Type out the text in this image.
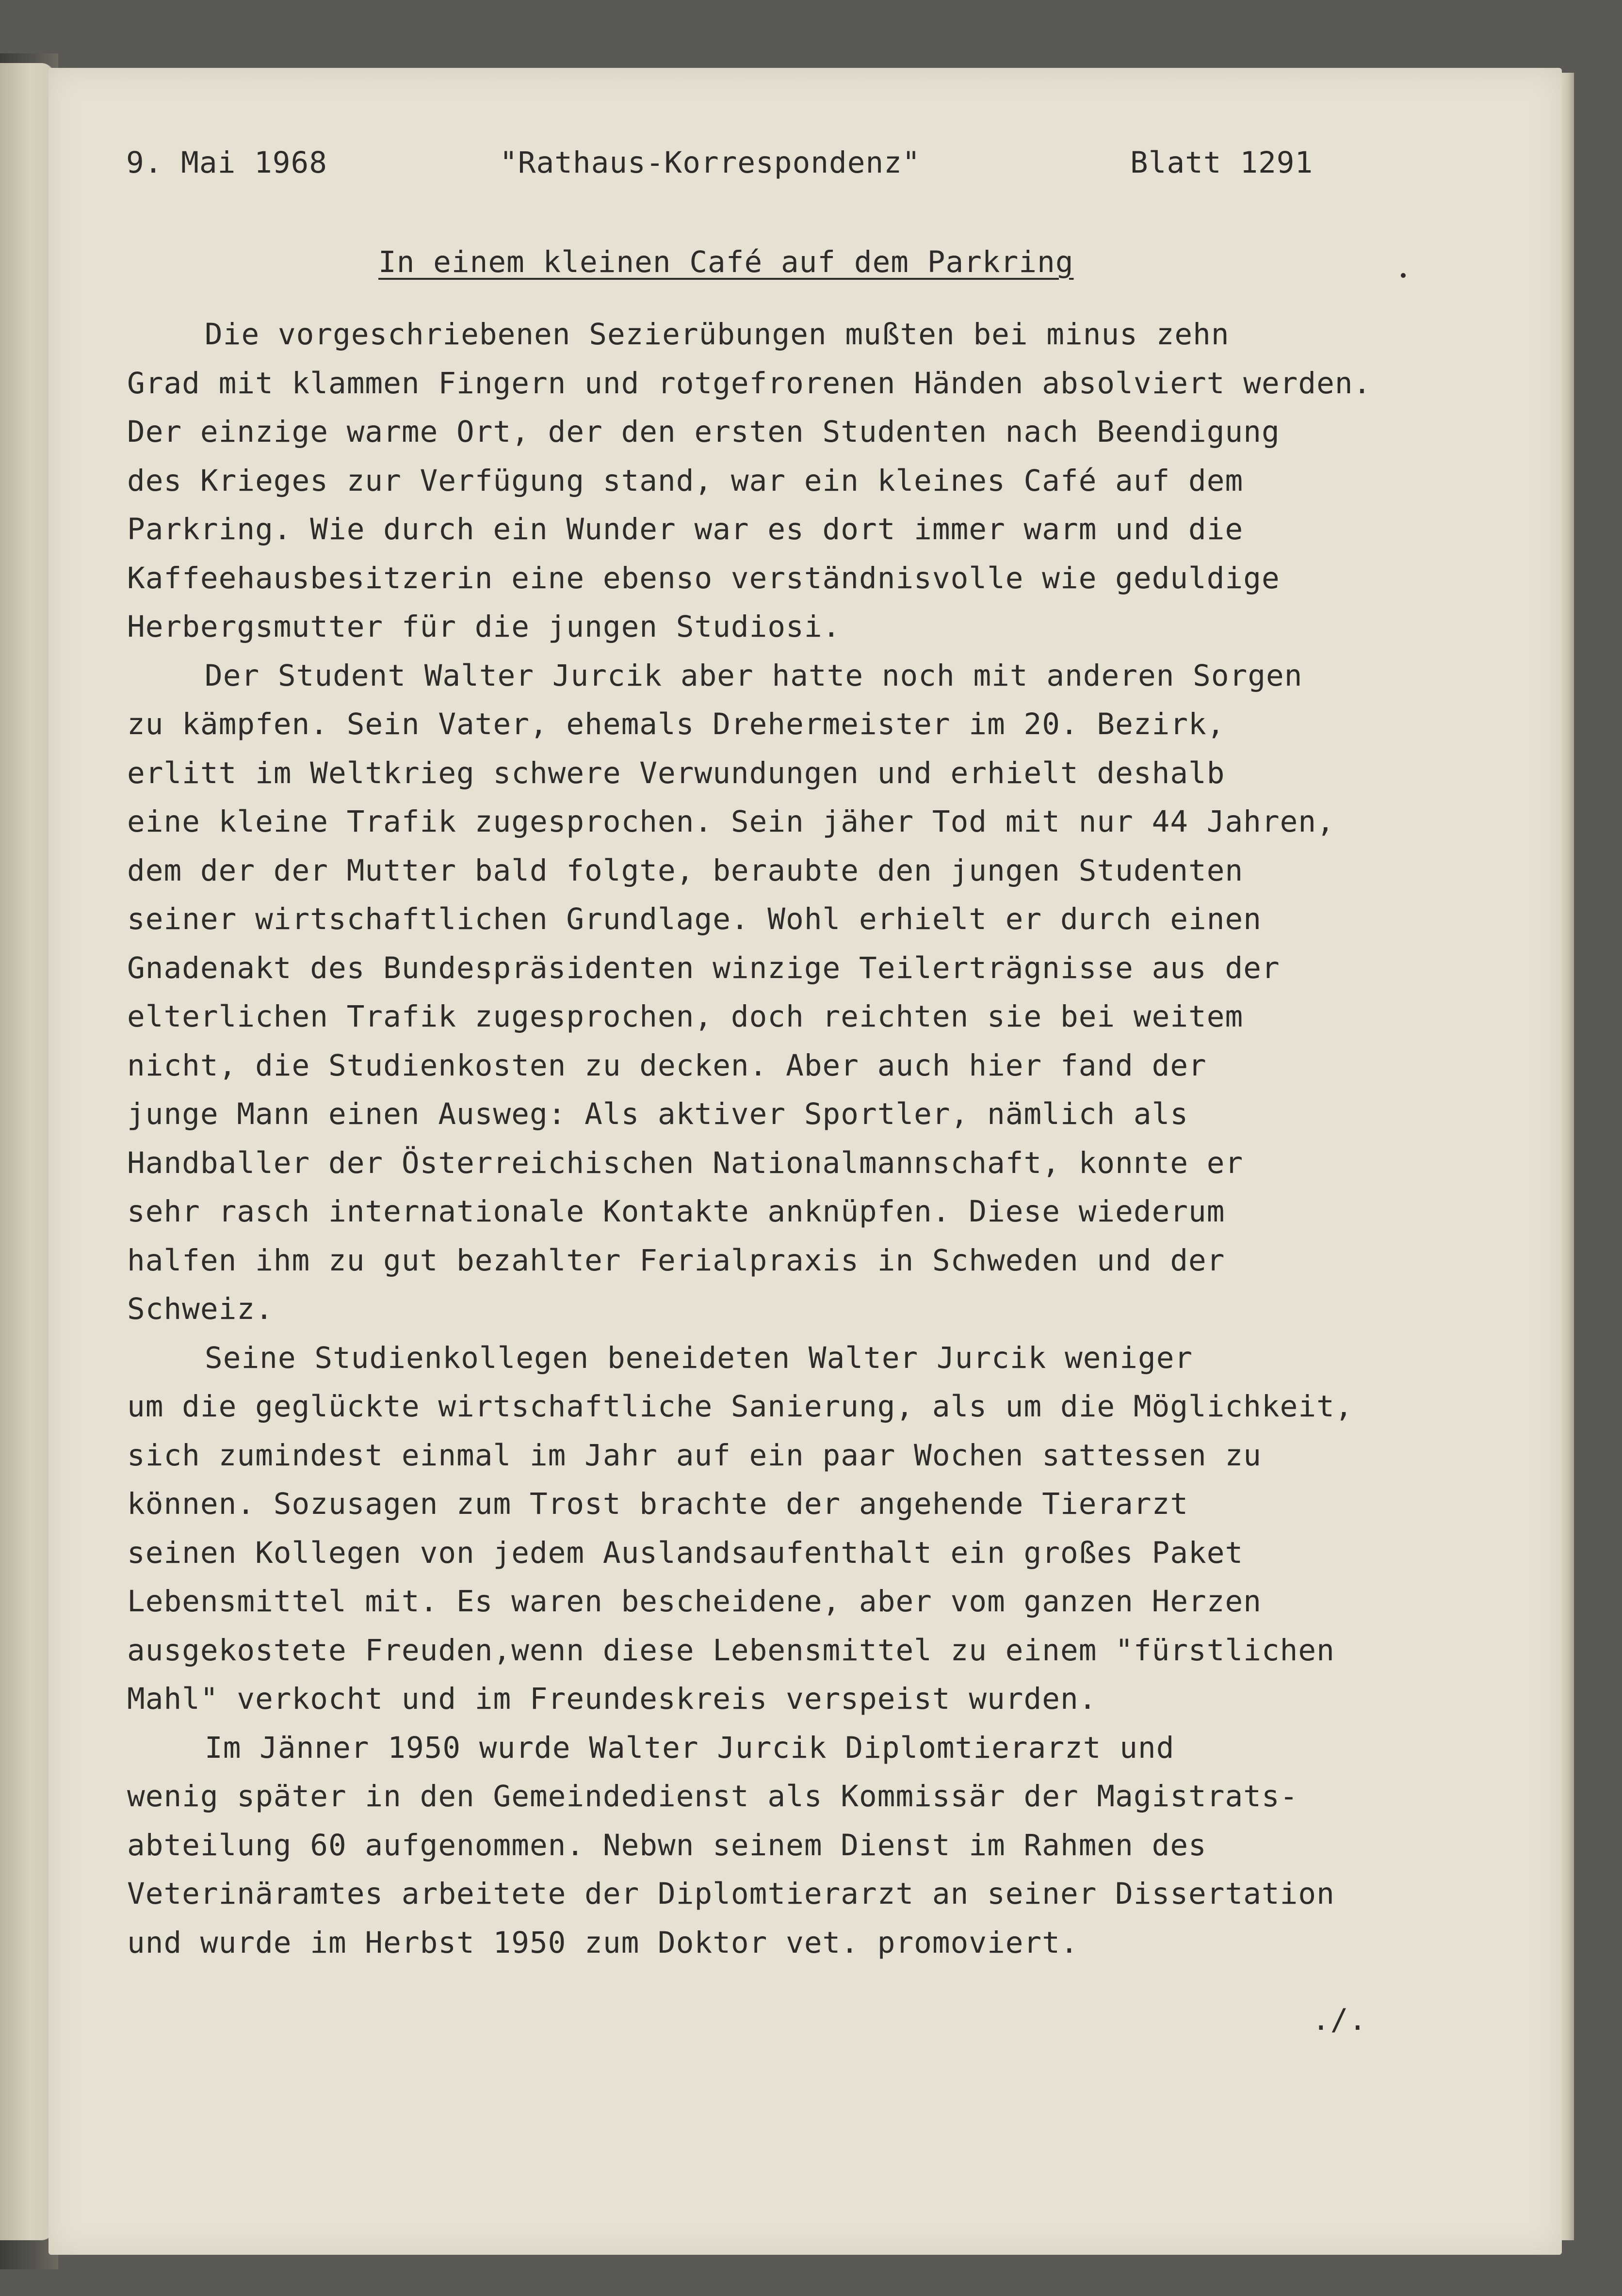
9. Mai 1968	"Rathaus-Korrespondenz"	Blatt 1291
In einem kleinen Café auf dem Parkring
Die vorgeschriebenen Sezierübungen mußten bei minus zehn
Grad mit klammen Fingern und rotgefrorenen Händen absolviert werden.
Der einzige warme Ort, der den ersten Studenten nach Beendigung
des Krieges zur Verfügung stand, war ein kleines Café auf dem
Parkring. Wie durch ein Wunder war es dort immer warm und die
Kaffeehausbesitzerin eine ebenso verständnisvolle wie geduldige
Herbergsmutter für die jungen Studiosi.
Der Student Walter Jurcik aber hatte noch mit anderen Sorgen
zu kämpfen. Sein Vater, ehemals Drehermeister im 20. Bezirk,
erlitt im Weltkrieg schwere Verwundungen und erhielt deshalb
eine kleine Trafik zugesprochen. Sein jäher Tod mit nur 44 Jahren,
dem der der Mutter bald folgte, beraubte den jungen Studenten
seiner wirtschaftlichen Grundlage. Wohl erhielt er durch einen
Gnadenakt des Bundespräsidenten winzige Teilerträgnisse aus der
elterlichen Trafik zugesprochen, doch reichten sie bei weitem
nicht, die Studienkosten zu decken. Aber auch hier fand der
junge Mann einen Ausweg: Als aktiver Sportler, nämlich als
Handballer der Österreichischen Nationalmannschaft, konnte er
sehr rasch internationale Kontakte anknüpfen. Diese wiederum
halfen ihm zu gut bezahlter Ferialpraxis in Schweden und der
Schweiz.
Seine Studienkollegen beneideten Walter Jurcik weniger
um die geglückte wirtschaftliche Sanierung, als um die Möglichkeit,
sich zumindest einmal im Jahr auf ein paar Wochen sattessen zu
können. Sozusagen zum Trost brachte der angehende Tierarzt
seinen Kollegen von jedem Auslandsaufenthalt ein großes Paket
Lebensmittel mit. Es waren bescheidene, aber vom ganzen Herzen
ausgekostete Freuden,wenn diese Lebensmittel zu einem "fürstlichen
Mahl" verkocht und im Freundeskreis verspeist wurden.
Im Jänner 1950 wurde Walter Jurcik Diplomtierarzt und
wenig später in den Gemeindedienst als Kommissär der Magistrats-
abteilung 60 aufgenommen. Nebwn seinem Dienst im Rahmen des
Veterinäramtes arbeitete der Diplomtierarzt an seiner Dissertation
und wurde im Herbst 1950 zum Doktor vet. promoviert.
./.
